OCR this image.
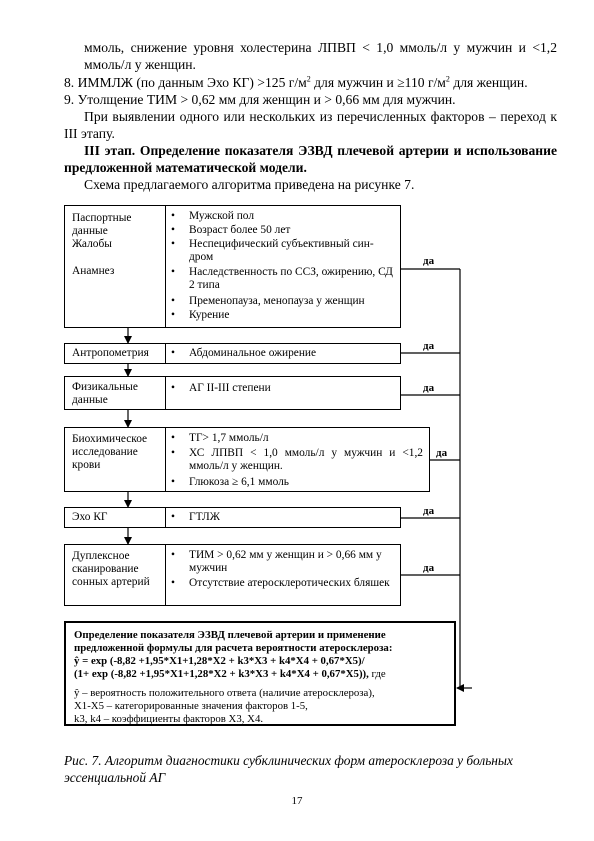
ммоль, снижение уровня холестерина ЛПВП < 1,0 ммоль/л у мужчин и <1,2
ммоль/л у женщин.
8. ИММЛЖ (по данным Эхо КГ) >125 $г/м^2$ для мужчин и ≥110 $г/м^2$ для женщин.
9. Утолщение ТИМ > 0,62 мм для женщин и > 0,66 мм для мужчин.
При выявлении одного или нескольких из перечисленных факторов – переход к
III этапу.
III этап. Определение показателя ЭЗВД плечевой артерии и использование
предложенной математической модели.
Схема предлагаемого алгоритма приведена на рисунке 7.
Паспортные
данные
Жалобы
Анамнез
• Мужской пол
• Возраст более 50 лет
• Неспецифический субъективный син-дром
• Наследственность по ССЗ, ожирению, СД 2 типа
• Пременопауза, менопауза у женщин
• Курение
Антропометрия • Абдоминальное ожирение
Физикальные
данные
• АГ II-III степени
Биохимическое
исследование
крови
• ТГ> 1,7 ммоль/л
• ХС ЛПВП < 1,0 ммоль/л у мужчин и <1,2 ммоль/л у женщин.
• Глюкоза ≥ 6,1 ммоль
Эхо КГ	• ГТЛЖ
Дуплексное
сканирование
сонных артерий
• ТИМ > 0,62 мм у женщин и > 0,66 мм у мужчин
• Отсутствие атеросклеротических бляшек
да
да
да
да
да
да
Определение показателя ЭЗВД плечевой артерии и применение
предложенной формулы для расчета вероятности атеросклероза:
ŷ = exp (-8,82 +1,95*X1+1,28*X2 + k3*X3 + k4*X4 + 0,67*X5)/
(1+ exp (-8,82 +1,95*X1+1,28*X2 + k3*X3 + k4*X4 + 0,67*X5)), где
ŷ – вероятность положительного ответа (наличие атеросклероза),
Х1-Х5 – категорированные значения факторов 1-5,
k3, k4 – коэффициенты факторов Х3, Х4.
Рис. 7. Алгоритм диагностики субклинических форм атеросклероза у больных
эссенциальной АГ
17
